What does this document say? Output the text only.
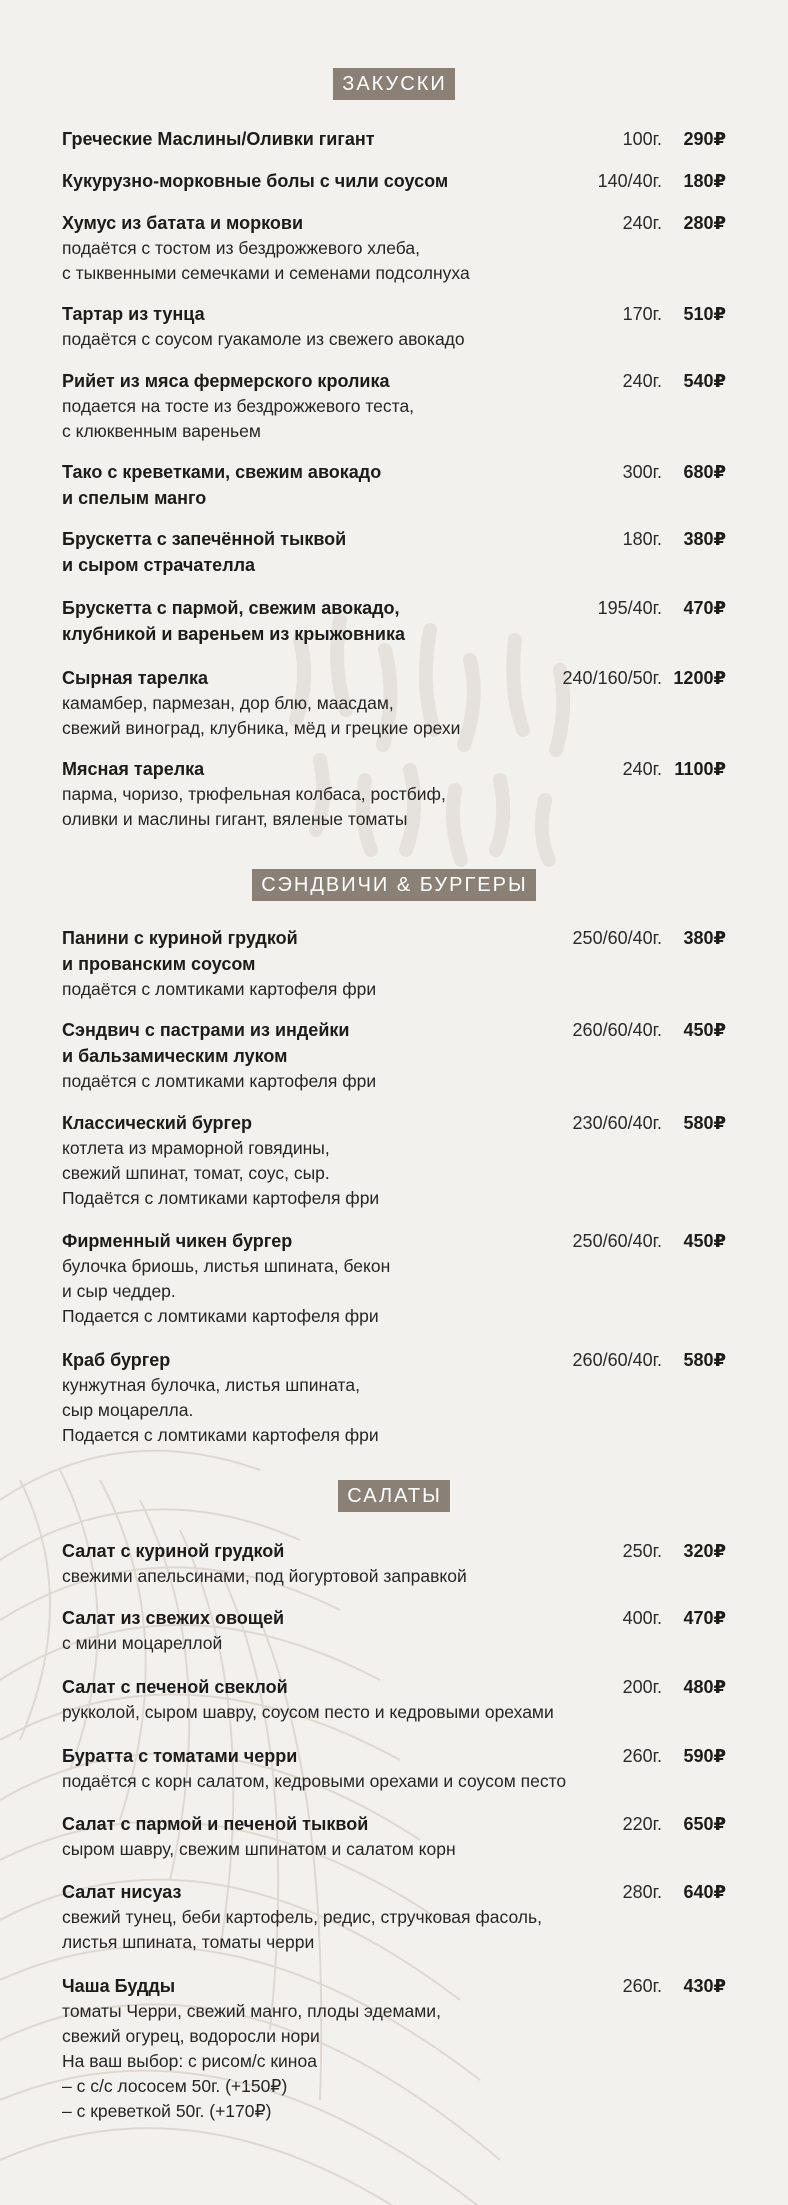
ЗАКУСКИ
Греческие Маслины/Оливки гигант	100г. 290₽
Кукурузно-морковные болы с чили соусом	140/40г. 180₽
Хумус из батата и моркови	240г. 280₽
подаётся с тостом из бездрожжевого хлеба,
с тыквенными семечками и семенами подсолнуха
Тартар из тунца	170г. 510₽
подаётся с соусом гуакамоле из свежего авокадо
Рийет из мяса фермерского кролика	240г. 540₽
подается на тосте из бездрожжевого теста,
с клюквенным вареньем
Тако с креветками, свежим авокадо	300г. 680₽
и спелым манго
Брускетта с запечённой тыквой	180г. 380₽
и сыром страчателла
Брускетта с пармой, свежим авокадо,	195/40г. 470₽
клубникой и вареньем из крыжовника
Сырная тарелка	240/160/50г. 1200₽
камамбер, пармезан, дор блю, маасдам,
свежий виноград, клубника, мёд и грецкие орехи
Мясная тарелка	240г. 1100₽
парма, чоризо, трюфельная колбаса, ростбиф,
оливки и маслины гигант, вяленые томаты
СЭНДВИЧИ & БУРГЕРЫ
Панини с куриной грудкой	250/60/40г. 380₽
и прованским соусом
подаётся с ломтиками картофеля фри
Сэндвич с пастрами из индейки	260/60/40г. 450₽
и бальзамическим луком
подаётся с ломтиками картофеля фри
Классический бургер	230/60/40г. 580₽
котлета из мраморной говядины,
свежий шпинат, томат, соус, сыр.
Подаётся с ломтиками картофеля фри
Фирменный чикен бургер	250/60/40г. 450₽
булочка бриошь, листья шпината, бекон
и сыр чеддер.
Подается с ломтиками картофеля фри
Краб бургер	260/60/40г. 580₽
кунжутная булочка, листья шпината,
сыр моцарелла.
Подается с ломтиками картофеля фри
САЛАТЫ
Салат с куриной грудкой	250г. 320₽
свежими апельсинами, под йогуртовой заправкой
Салат из свежих овощей	400г. 470₽
с мини моцареллой
Салат с печеной свеклой	200г. 480₽
рукколой, сыром шавру, соусом песто и кедровыми орехами
Буратта с томатами черри	260г. 590₽
подаётся с корн салатом, кедровыми орехами и соусом песто
Салат с пармой и печеной тыквой	220г. 650₽
сыром шавру, свежим шпинатом и салатом корн
Салат нисуаз	280г. 640₽
свежий тунец, беби картофель, редис, стручковая фасоль,
листья шпината, томаты черри
Чаша Будды	260г. 430₽
томаты Черри, свежий манго, плоды эдемами,
свежий огурец, водоросли нори
На ваш выбор: с рисом/с киноа
– с с/с лососем 50г. (+150₽)
– с креветкой 50г. (+170₽)
